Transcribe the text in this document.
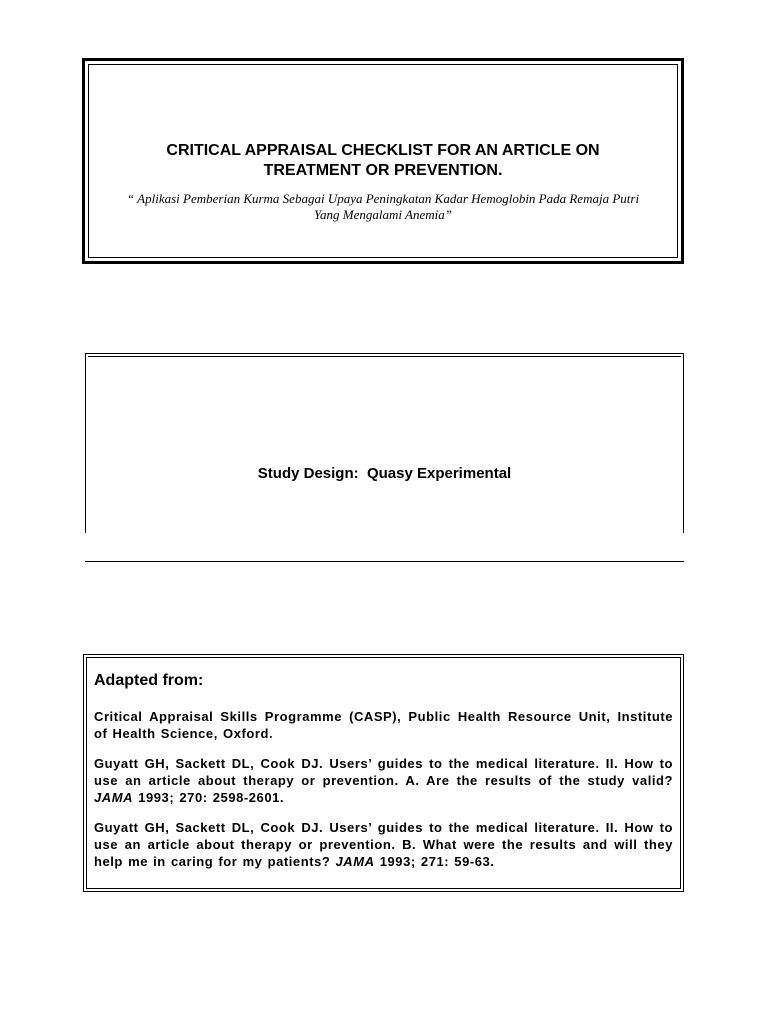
CRITICAL APPRAISAL CHECKLIST FOR AN ARTICLE ON
TREATMENT OR PREVENTION.

“ Aplikasi Pemberian Kurma Sebagai Upaya Peningkatan Kadar Hemoglobin Pada Remaja Putri
Yang Mengalami Anemia”

Study Design: Quasy Experimental

Adapted from:

Critical Appraisal Skills Programme (CASP), Public Health Resource Unit, Institute of Health Science, Oxford.

Guyatt GH, Sackett DL, Cook DJ. Users’ guides to the medical literature. II. How to use an article about therapy or prevention. A. Are the results of the study valid? JAMA 1993; 270: 2598-2601.

Guyatt GH, Sackett DL, Cook DJ. Users’ guides to the medical literature. II. How to use an article about therapy or prevention. B. What were the results and will they help me in caring for my patients? JAMA 1993; 271: 59-63.
